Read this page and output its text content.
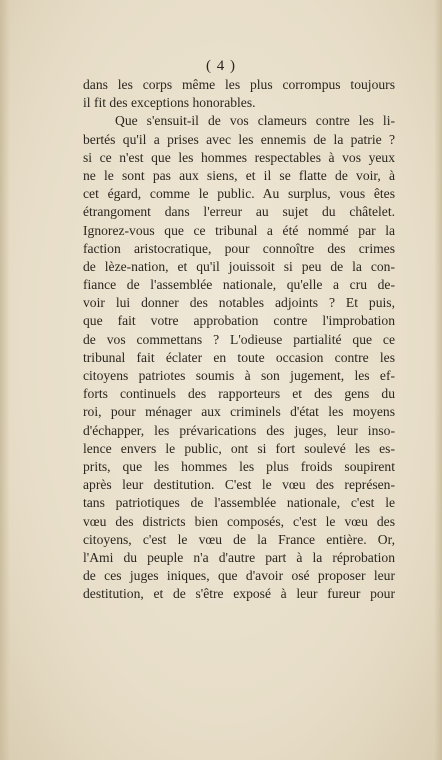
( 4 )
dans les corps même les plus corrompus toujours
il fit des exceptions honorables.
Que s'ensuit-il de vos clameurs contre les li-
bertés qu'il a prises avec les ennemis de la patrie ?
si ce n'est que les hommes respectables à vos yeux
ne le sont pas aux siens, et il se flatte de voir, à
cet égard, comme le public. Au surplus, vous êtes
étrangoment dans l'erreur au sujet du châtelet.
Ignorez-vous que ce tribunal a été nommé par la
faction aristocratique, pour connoître des crimes
de lèze-nation, et qu'il jouissoit si peu de la con-
fiance de l'assemblée nationale, qu'elle a cru de-
voir lui donner des notables adjoints ? Et puis,
que fait votre approbation contre l'improbation
de vos commettans ? L'odieuse partialité que ce
tribunal fait éclater en toute occasion contre les
citoyens patriotes soumis à son jugement, les ef-
forts continuels des rapporteurs et des gens du
roi, pour ménager aux criminels d'état les moyens
d'échapper, les prévarications des juges, leur inso-
lence envers le public, ont si fort soulevé les es-
prits, que les hommes les plus froids soupirent
après leur destitution. C'est le vœu des représen-
tans patriotiques de l'assemblée nationale, c'est le
vœu des districts bien composés, c'est le vœu des
citoyens, c'est le vœu de la France entière. Or,
l'Ami du peuple n'a d'autre part à la réprobation
de ces juges iniques, que d'avoir osé proposer leur
destitution, et de s'être exposé à leur fureur pour
